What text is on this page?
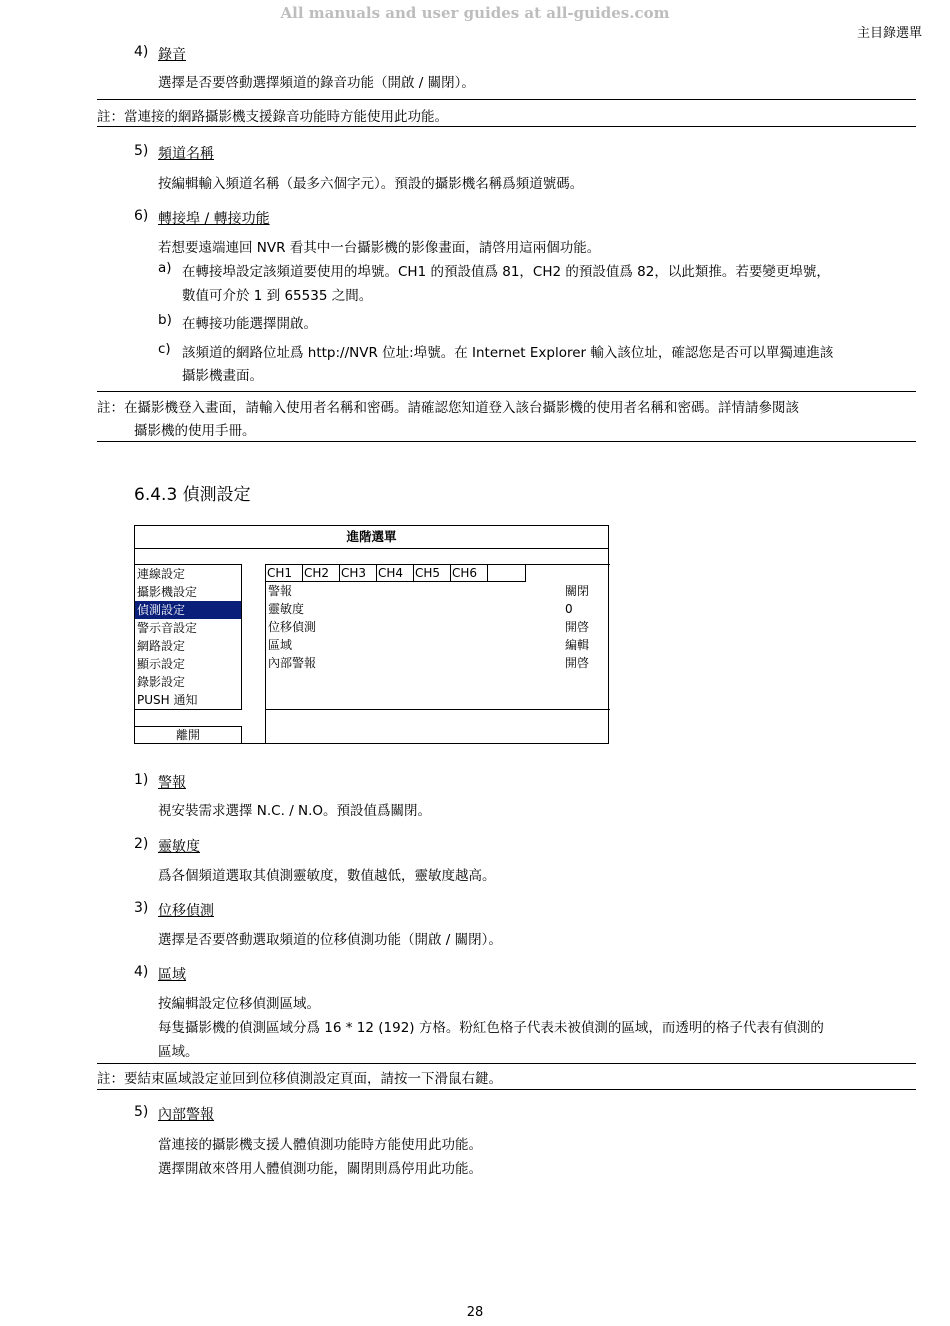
All manuals and user guides at all-guides.com
主目錄選單
4) 錄音
選擇是否要啓動選擇頻道的錄音功能（開啟 / 關閉）。
註：當連接的網路攝影機支援錄音功能時方能使用此功能。
5) 頻道名稱
按編輯輸入頻道名稱（最多六個字元）。預設的攝影機名稱爲頻道號碼。
6) 轉接埠 / 轉接功能
若想要遠端連回 NVR 看其中一台攝影機的影像畫面，請啓用這兩個功能。
a) 在轉接埠設定該頻道要使用的埠號。CH1 的預設值爲 81，CH2 的預設值爲 82，以此類推。若要變更埠號，
數值可介於 1 到 65535 之間。
b) 在轉接功能選擇開啟。
c) 該頻道的網路位址爲 http://NVR 位址:埠號。在 Internet Explorer 輸入該位址，確認您是否可以單獨連進該
攝影機畫面。
註：在攝影機登入畫面，請輸入使用者名稱和密碼。請確認您知道登入該台攝影機的使用者名稱和密碼。詳情請參閱該
攝影機的使用手冊。
6.4.3 偵測設定
進階選單
連線設定
攝影機設定
偵測設定
警示音設定
網路設定
顯示設定
錄影設定
PUSH 通知
離開
CH1 CH2 CH3 CH4 CH5 CH6
警報	關閉
靈敏度	0
位移偵測	開啓
區域	編輯
內部警報	開啓
1) 警報
視安裝需求選擇 N.C. / N.O。預設值爲關閉。
2) 靈敏度
爲各個頻道選取其偵測靈敏度，數值越低，靈敏度越高。
3) 位移偵測
選擇是否要啓動選取頻道的位移偵測功能（開啟 / 關閉）。
4) 區域
按編輯設定位移偵測區域。
每隻攝影機的偵測區域分爲 16 * 12 (192) 方格。粉紅色格子代表未被偵測的區域，而透明的格子代表有偵測的
區域。
註：要結束區域設定並回到位移偵測設定頁面，請按一下滑鼠右鍵。
5) 內部警報
當連接的攝影機支援人體偵測功能時方能使用此功能。
選擇開啟來啓用人體偵測功能，關閉則爲停用此功能。
28
